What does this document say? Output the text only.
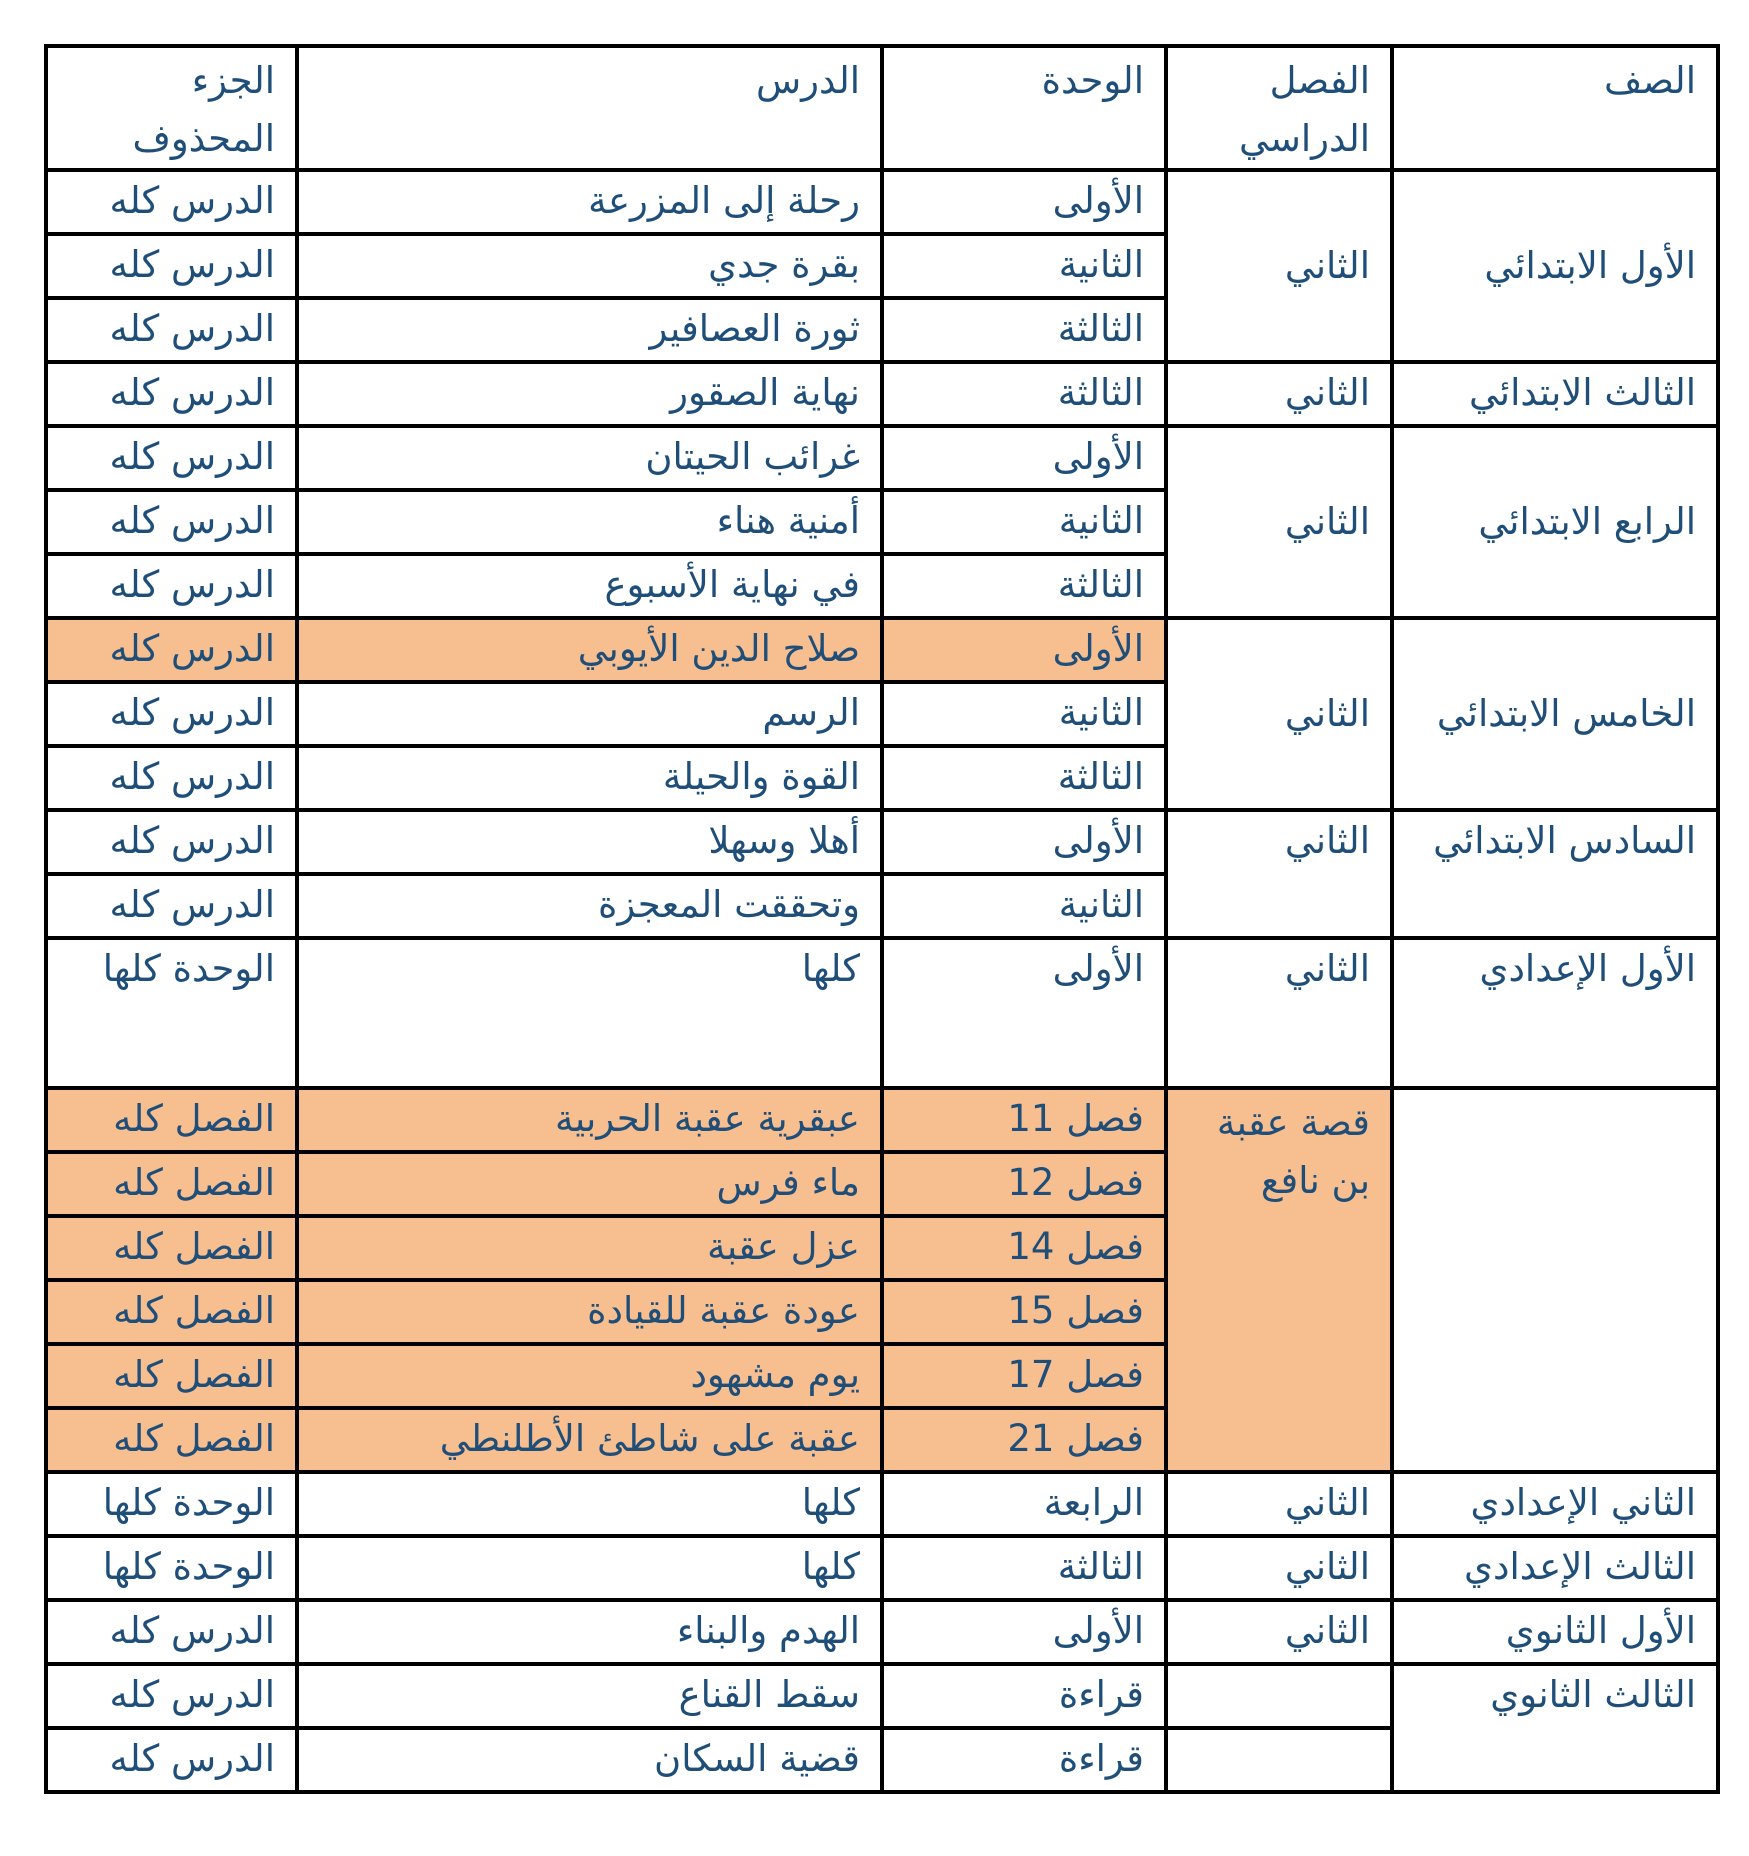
الصف	الفصل الدراسي	الوحدة	الدرس	الجزء المحذوف
الأول الابتدائي	الثاني	الأولى	رحلة إلى المزرعة	الدرس كله
		الثانية	بقرة جدي	الدرس كله
		الثالثة	ثورة العصافير	الدرس كله
الثالث الابتدائي	الثاني	الثالثة	نهاية الصقور	الدرس كله
الرابع الابتدائي	الثاني	الأولى	غرائب الحيتان	الدرس كله
		الثانية	أمنية هناء	الدرس كله
		الثالثة	في نهاية الأسبوع	الدرس كله
الخامس الابتدائي	الثاني	الأولى	صلاح الدين الأيوبي	الدرس كله
		الثانية	الرسم	الدرس كله
		الثالثة	القوة والحيلة	الدرس كله
السادس الابتدائي	الثاني	الأولى	أهلا وسهلا	الدرس كله
		الثانية	وتحققت المعجزة	الدرس كله
الأول الإعدادي	الثاني	الأولى	كلها	الوحدة كلها
	قصة عقبة بن نافع	فصل 11	عبقرية عقبة الحربية	الفصل كله
		فصل 12	ماء فرس	الفصل كله
		فصل 14	عزل عقبة	الفصل كله
		فصل 15	عودة عقبة للقيادة	الفصل كله
		فصل 17	يوم مشهود	الفصل كله
		فصل 21	عقبة على شاطئ الأطلنطي	الفصل كله
الثاني الإعدادي	الثاني	الرابعة	كلها	الوحدة كلها
الثالث الإعدادي	الثاني	الثالثة	كلها	الوحدة كلها
الأول الثانوي	الثاني	الأولى	الهدم والبناء	الدرس كله
الثالث الثانوي		قراءة	سقط القناع	الدرس كله
		قراءة	قضية السكان	الدرس كله
